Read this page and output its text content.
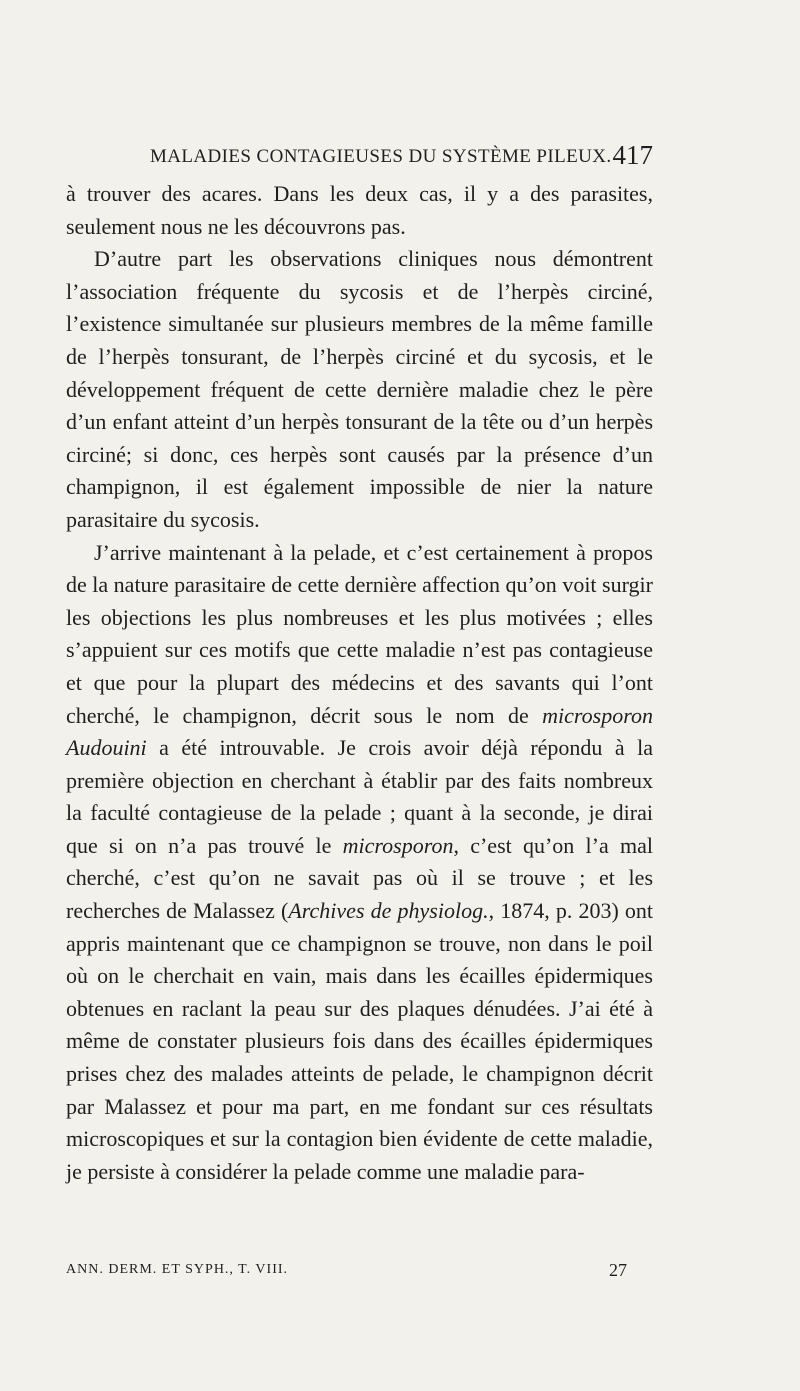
MALADIES CONTAGIEUSES DU SYSTÈME PILEUX. 417

à trouver des acares. Dans les deux cas, il y a des parasites, seulement nous ne les découvrons pas.

D’autre part les observations cliniques nous démontrent l’association fréquente du sycosis et de l’herpès circiné, l’existence simultanée sur plusieurs membres de la même famille de l’herpès tonsurant, de l’herpès circiné et du sycosis, et le développement fréquent de cette dernière maladie chez le père d’un enfant atteint d’un herpès tonsurant de la tête ou d’un herpès circiné; si donc, ces herpès sont causés par la présence d’un champignon, il est également impossible de nier la nature parasitaire du sycosis.

J’arrive maintenant à la pelade, et c’est certainement à propos de la nature parasitaire de cette dernière affection qu’on voit surgir les objections les plus nombreuses et les plus motivées ; elles s’appuient sur ces motifs que cette maladie n’est pas contagieuse et que pour la plupart des médecins et des savants qui l’ont cherché, le champignon, décrit sous le nom de microsporon Audouini a été introuvable. Je crois avoir déjà répondu à la première objection en cherchant à établir par des faits nombreux la faculté contagieuse de la pelade ; quant à la seconde, je dirai que si on n’a pas trouvé le microsporon, c’est qu’on l’a mal cherché, c’est qu’on ne savait pas où il se trouve ; et les recherches de Malassez (Archives de physiolog., 1874, p. 203) ont appris maintenant que ce champignon se trouve, non dans le poil où on le cherchait en vain, mais dans les écailles épidermiques obtenues en raclant la peau sur des plaques dénudées. J’ai été à même de constater plusieurs fois dans des écailles épidermiques prises chez des malades atteints de pelade, le champignon décrit par Malassez et pour ma part, en me fondant sur ces résultats microscopiques et sur la contagion bien évidente de cette maladie, je persiste à considérer la pelade comme une maladie para-

ANN. DERM. ET SYPH., T. VIII.	27
